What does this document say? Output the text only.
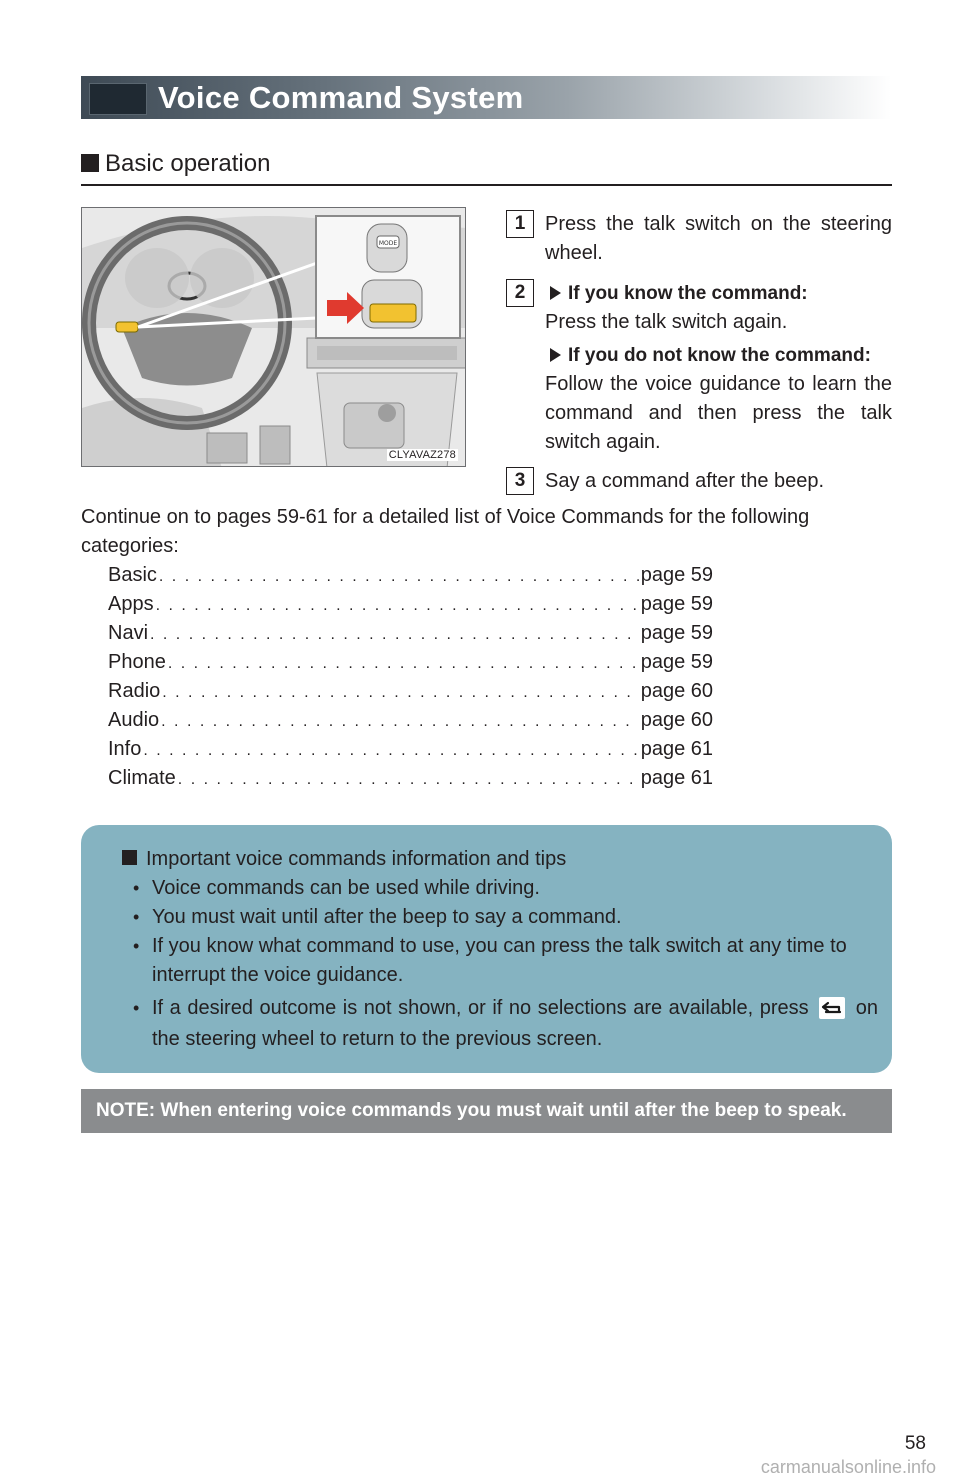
Voice Command System
Basic operation
MODE
CLYAVAZ278
1 Press the talk switch on the steering wheel.
2	If you know the command:
Press the talk switch again.
If you do not know the command:
Follow the voice guidance to learn the command and then press the talk switch again.
3 Say a command after the beep.
Continue on to pages 59-61 for a detailed list of Voice Commands for the following categories:
Basic . . .	page 59
Apps . . .	page 59
Navi . . .	page 59
Phone . . .	page 59
Radio . . .	page 60
Audio . . .	page 60
Info . . .	page 61
Climate . . .	page 61
Important voice commands information and tips
• Voice commands can be used while driving.
• You must wait until after the beep to say a command.
• If you know what command to use, you can press the talk switch at any time to interrupt the voice guidance.
• If a desired outcome is not shown, or if no selections are available, press on the steering wheel to return to the previous screen.
NOTE: When entering voice commands you must wait until after the beep to speak.
58
carmanualsonline.info
